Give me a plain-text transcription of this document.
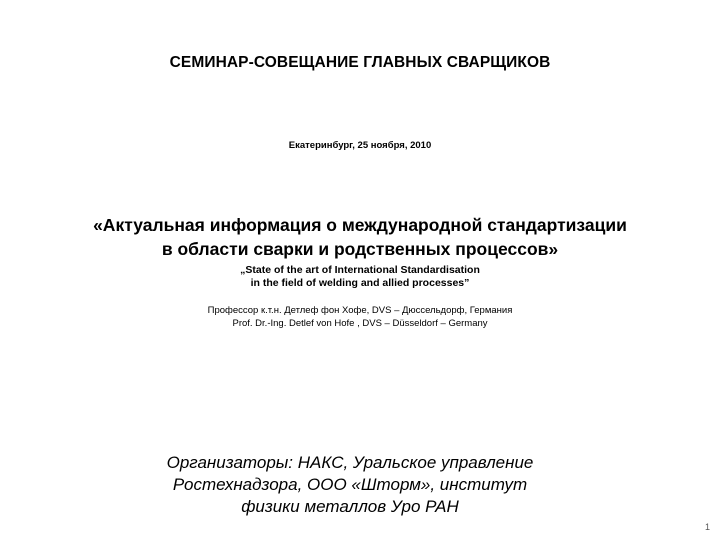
СЕМИНАР-СОВЕЩАНИЕ ГЛАВНЫХ СВАРЩИКОВ
Екатеринбург, 25 ноября, 2010
«Актуальная информация о международной стандартизации
в области сварки и родственных процессов»
„State of the art of International Standardisation
in the field of welding and allied processes”
Профессор к.т.н. Детлеф фон Хофе, DVS – Дюссельдорф, Германия
Prof. Dr.-Ing. Detlef von Hofe , DVS – Düsseldorf – Germany
Организаторы: НАКС, Уральское управление
Ростехнадзора, ООО «Шторм», институт
физики металлов Уро РАН
1
